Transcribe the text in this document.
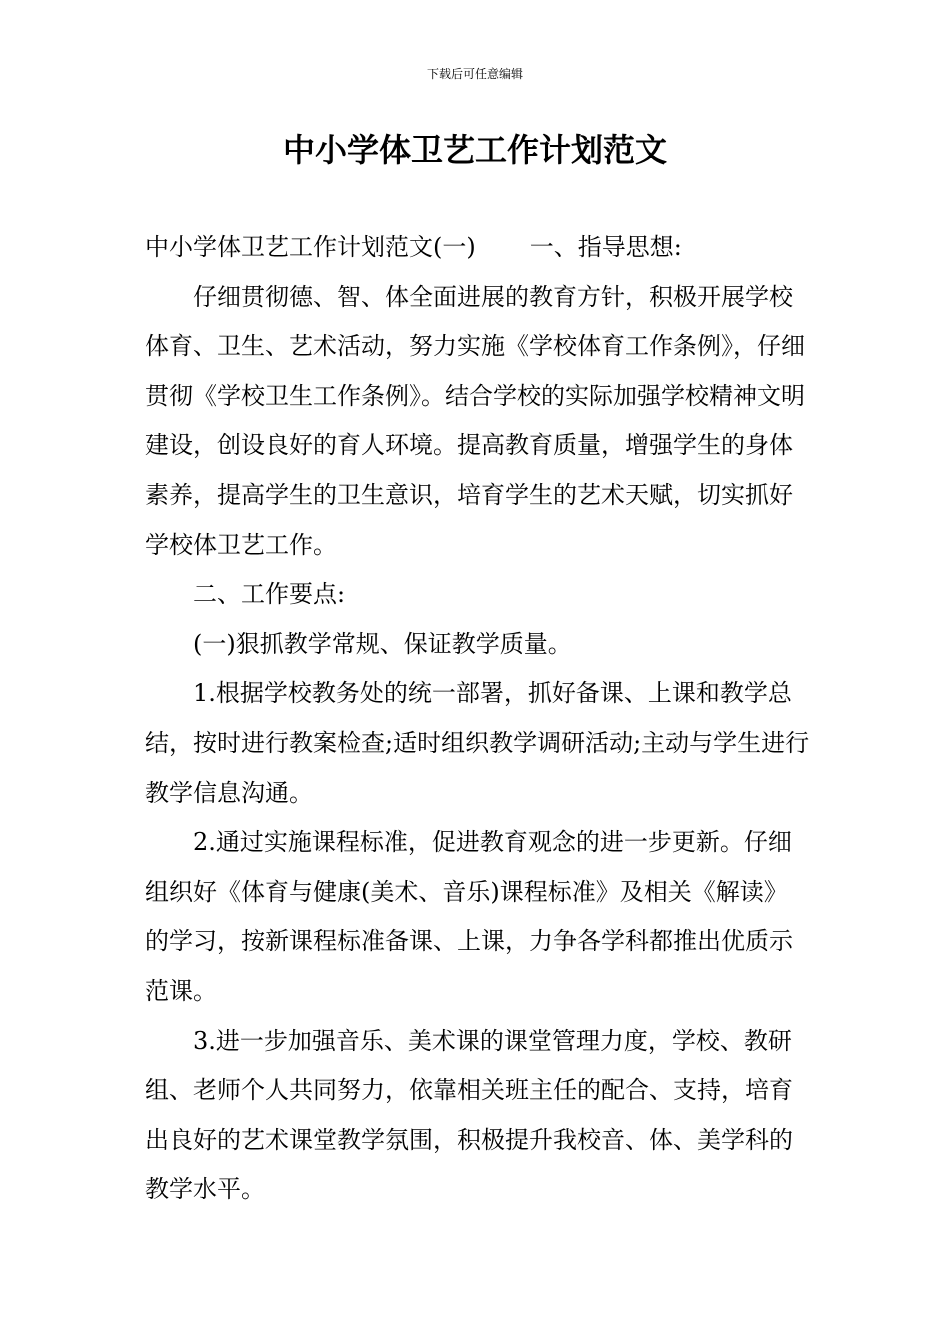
下载后可任意编辑
中小学体卫艺工作计划范文

中小学体卫艺工作计划范文(一) 一、指导思想:

仔细贯彻德、智、体全面进展的教育方针，积极开展学校体育、卫生、艺术活动，努力实施《学校体育工作条例》，仔细贯彻《学校卫生工作条例》。结合学校的实际加强学校精神文明建设，创设良好的育人环境。提高教育质量，增强学生的身体素养，提高学生的卫生意识，培育学生的艺术天赋，切实抓好学校体卫艺工作。

二、工作要点:

(一)狠抓教学常规、保证教学质量。

1.根据学校教务处的统一部署，抓好备课、上课和教学总结，按时进行教案检查;适时组织教学调研活动;主动与学生进行教学信息沟通。

2.通过实施课程标准，促进教育观念的进一步更新。仔细组织好《体育与健康(美术、音乐)课程标准》及相关《解读》的学习，按新课程标准备课、上课，力争各学科都推出优质示范课。

3.进一步加强音乐、美术课的课堂管理力度，学校、教研组、老师个人共同努力，依靠相关班主任的配合、支持，培育出良好的艺术课堂教学氛围，积极提升我校音、体、美学科的教学水平。
